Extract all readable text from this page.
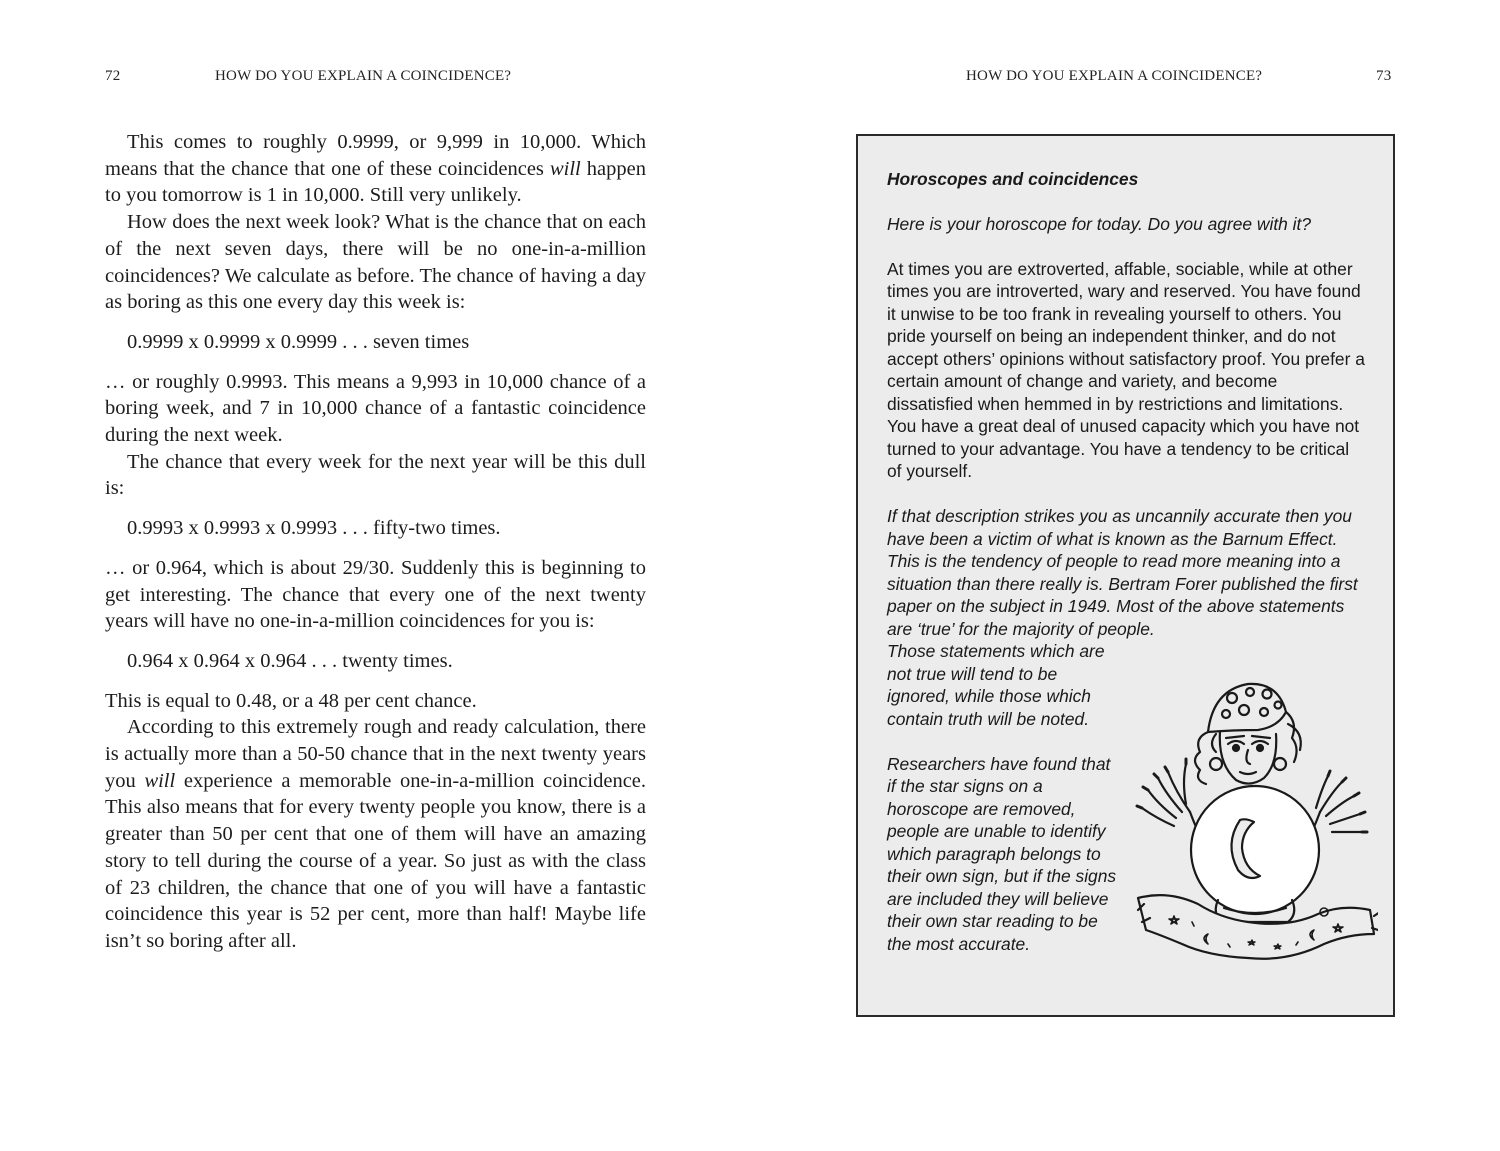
72	HOW DO YOU EXPLAIN A COINCIDENCE?

This comes to roughly 0.9999, or 9,999 in 10,000. Which means that the chance that one of these coincidences will happen to you tomorrow is 1 in 10,000. Still very unlikely.

How does the next week look? What is the chance that on each of the next seven days, there will be no one-in-a-million coincidences? We calculate as before. The chance of having a day as boring as this one every day this week is:

0.9999 x 0.9999 x 0.9999 . . . seven times

… or roughly 0.9993. This means a 9,993 in 10,000 chance of a boring week, and 7 in 10,000 chance of a fantastic coincidence during the next week.

The chance that every week for the next year will be this dull is:

0.9993 x 0.9993 x 0.9993 . . . fifty-two times.

… or 0.964, which is about 29/30. Suddenly this is beginning to get interesting. The chance that every one of the next twenty years will have no one-in-a-million coincidences for you is:

0.964 x 0.964 x 0.964 . . . twenty times.

This is equal to 0.48, or a 48 per cent chance.

According to this extremely rough and ready calculation, there is actually more than a 50-50 chance that in the next twenty years you will experience a memorable one-in-a-million coincidence. This also means that for every twenty people you know, there is a greater than 50 per cent that one of them will have an amazing story to tell during the course of a year. So just as with the class of 23 children, the chance that one of you will have a fantastic coincidence this year is 52 per cent, more than half! Maybe life isn’t so boring after all.

HOW DO YOU EXPLAIN A COINCIDENCE?	73
Horoscopes and coincidences
Here is your horoscope for today. Do you agree with it?
At times you are extroverted, affable, sociable, while at other times you are introverted, wary and reserved. You have found it unwise to be too frank in revealing yourself to others. You pride yourself on being an independent thinker, and do not accept others’ opinions without satisfactory proof. You prefer a certain amount of change and variety, and become dissatisfied when hemmed in by restrictions and limitations. You have a great deal of unused capacity which you have not turned to your advantage. You have a tendency to be critical of yourself.
If that description strikes you as uncannily accurate then you have been a victim of what is known as the Barnum Effect. This is the tendency of people to read more meaning into a situation than there really is. Bertram Forer published the first paper on the subject in 1949. Most of the above statements are ‘true’ for the majority of people.
Those statements which are not true will tend to be ignored, while those which contain truth will be noted.
Researchers have found that if the star signs on a horoscope are removed, people are unable to identify which paragraph belongs to their own sign, but if the signs are included they will believe their own star reading to be the most accurate.
